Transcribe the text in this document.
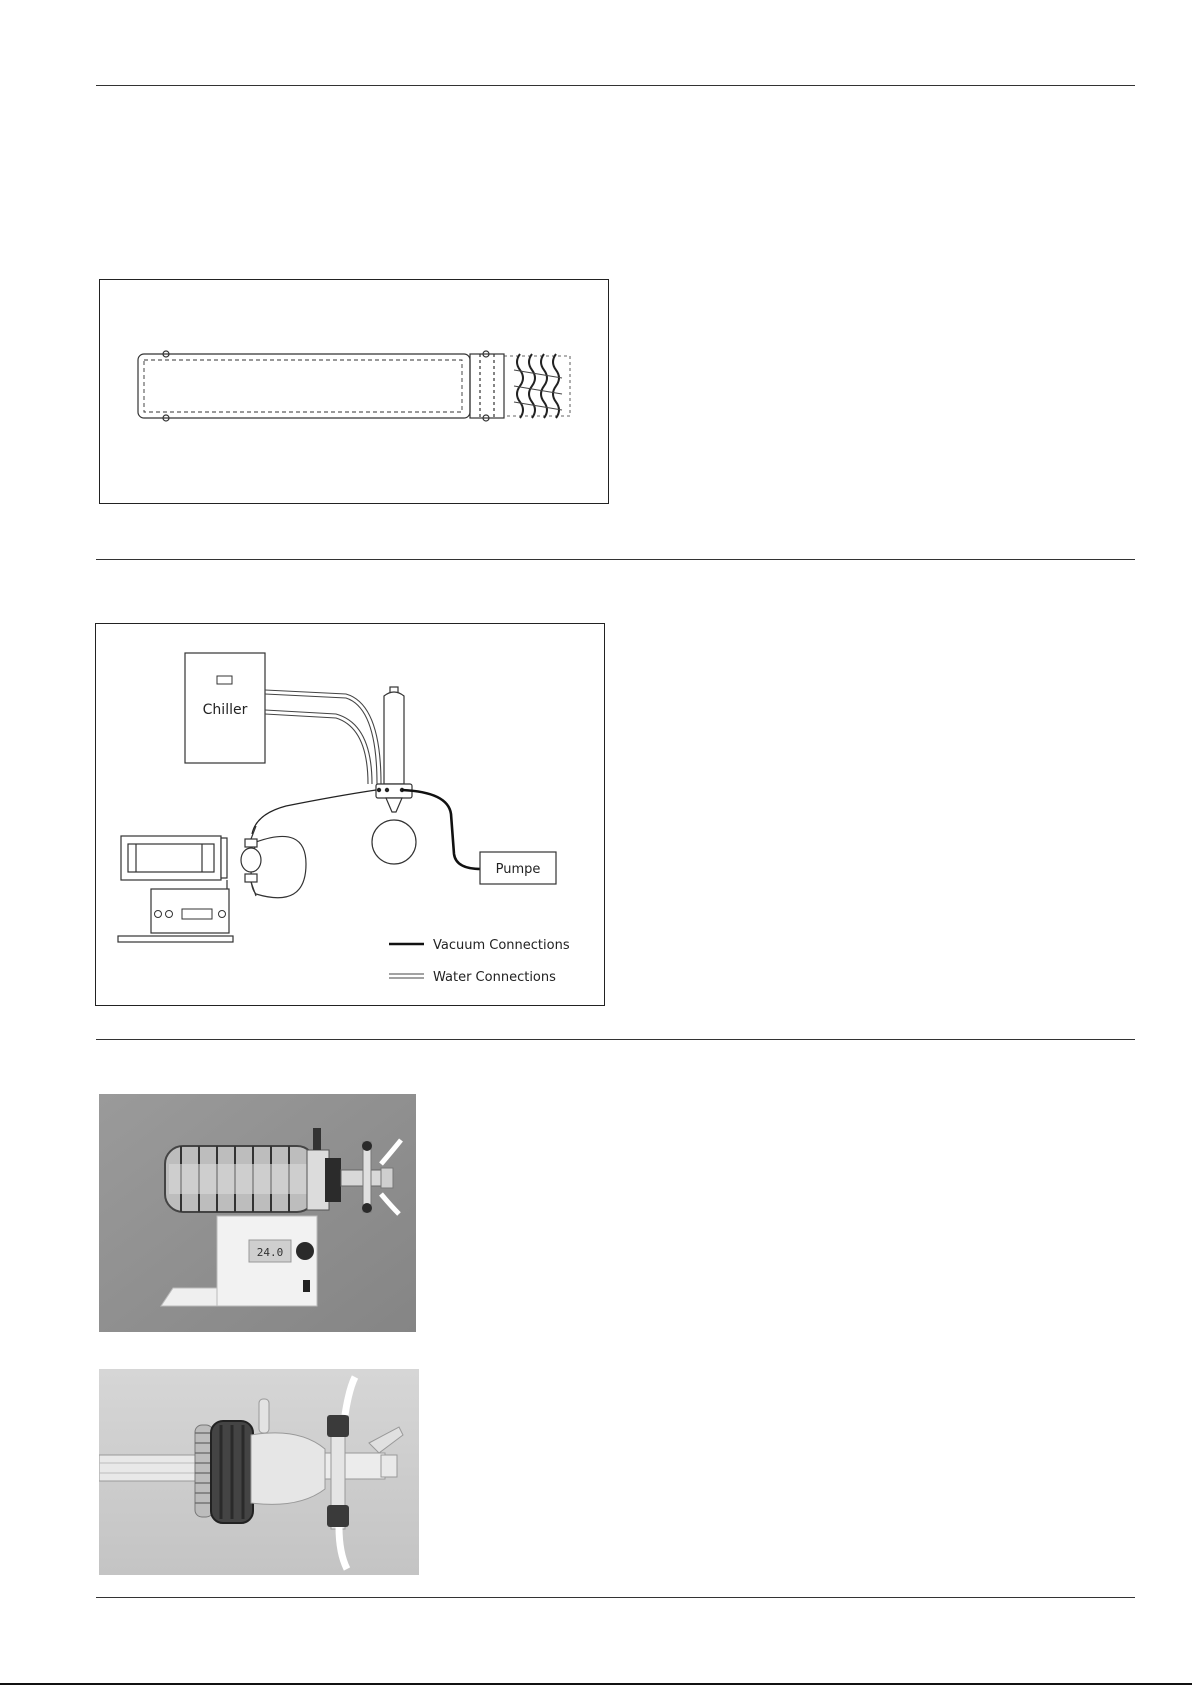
Chiller
Pumpe
Vacuum Connections
Water Connections
24.0
